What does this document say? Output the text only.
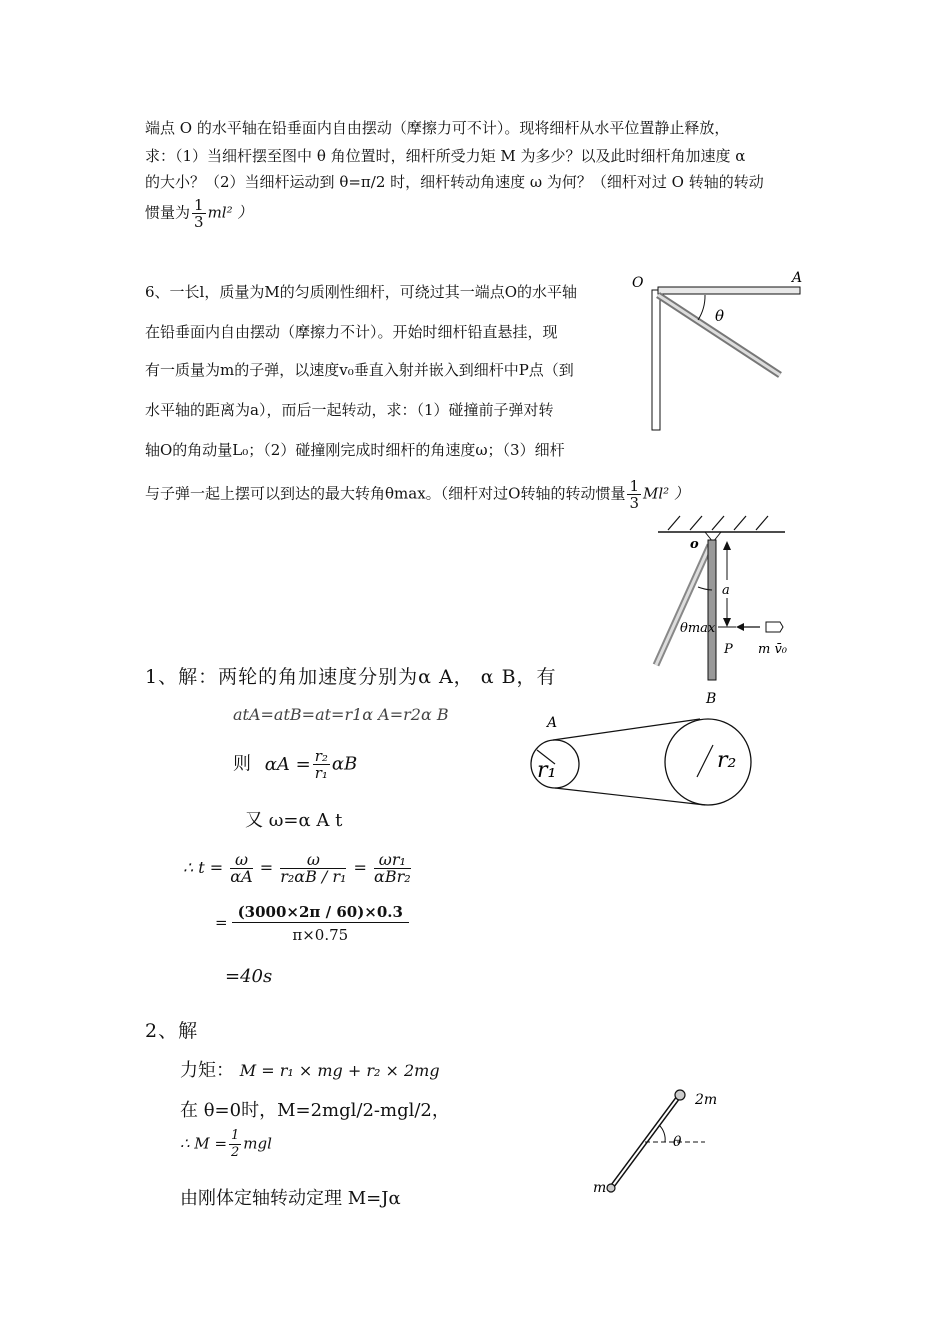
端点 O 的水平轴在铅垂面内自由摆动（摩擦力可不计）。现将细杆从水平位置静止释放，
求：（1）当细杆摆至图中 θ 角位置时，细杆所受力矩 M 为多少？以及此时细杆角加速度 α
的大小？（2）当细杆运动到 θ=π/2 时，细杆转动角速度 ω 为何？（细杆对过 O 转轴的转动
惯量为 $\frac{1}{3} ml^2$ ）
6、一长l，质量为M的匀质刚性细杆，可绕过其一端点O的水平轴
在铅垂面内自由摆动（摩擦力不计）。开始时细杆铅直悬挂，现
有一质量为m的子弹，以速度v₀垂直入射并嵌入到细杆中P点（到
水平轴的距离为a），而后一起转动，求：（1）碰撞前子弹对转
轴O的角动量L₀；（2）碰撞刚完成时细杆的角速度ω；（3）细杆
与子弹一起上摆可以到达的最大转角θmax。（细杆对过O转轴的转动惯量 $\frac{1}{3} Ml^2$ ）
O	A
θ
o
a
θmax
P m v̄₀
B
1、解：两轮的角加速度分别为α A， α B，有
atA=atB=at=r1α A=r2α B
则 $\alpha A = \frac{\text{r₂}}{\text{r₁}}$ αB
又 ω=α A t
∴ $t = \frac{\omega}{\alpha A} = \frac{\omega}{\text{r₂αB / r₁}} = \frac{\text{ωr₁}}{\text{αBr₂}}$
= $\frac{(3000\times 2\pi / 60)\times 0.3}{\pi\times 0.75}$
=40s
A
r₁	r₂
2、解
力矩： M = r₁ × mg + r₂ × 2mg
在 θ=0时，M=2mgl/2-mgl/2，
∴ $M = \frac{1}{2}$ mgl
由刚体定轴转动定理 M=Jα
2m
m
θ
